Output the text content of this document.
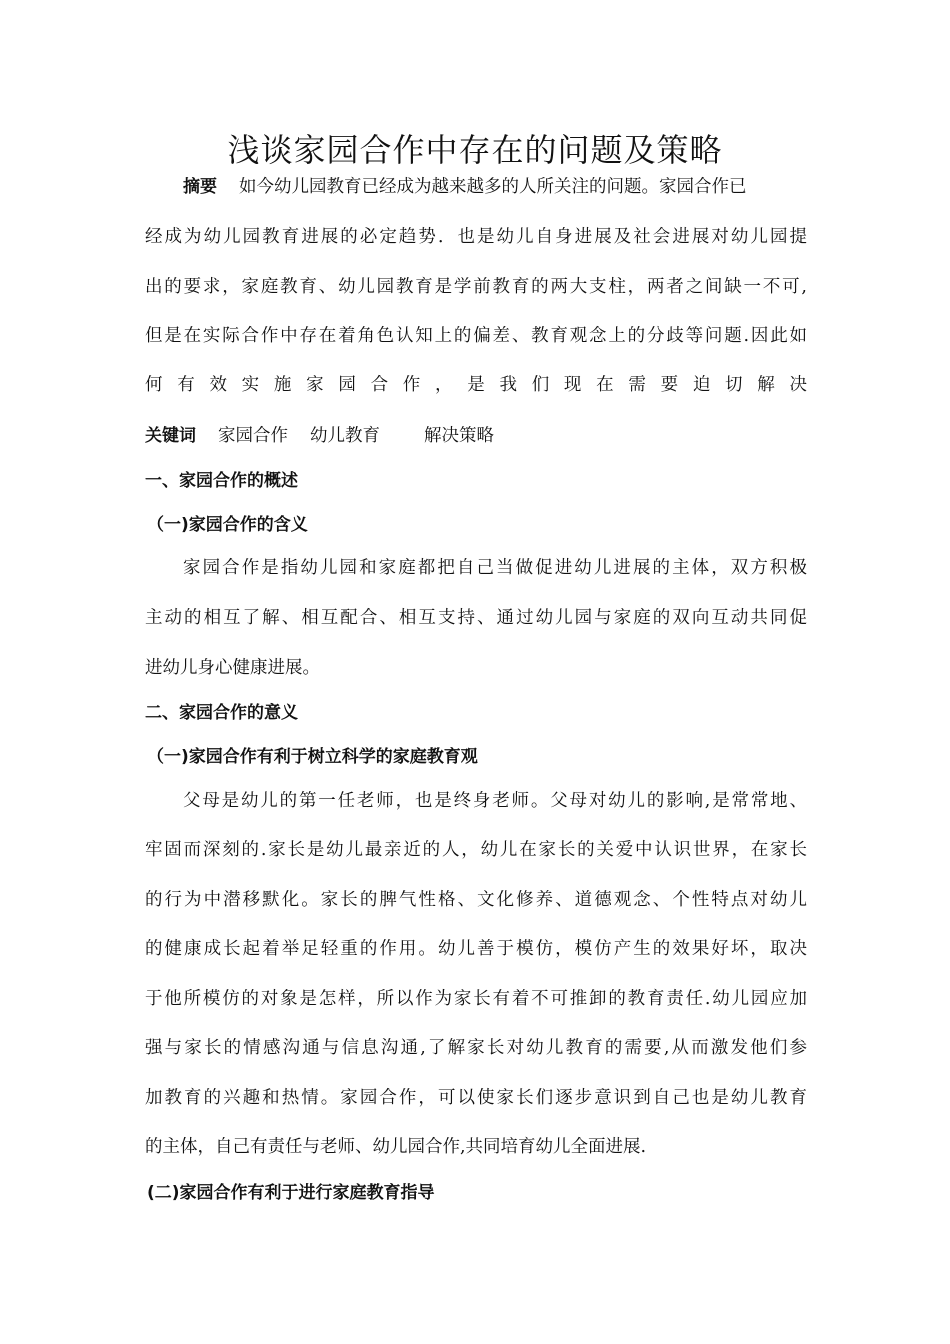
浅谈家园合作中存在的问题及策略
摘要 如今幼儿园教育已经成为越来越多的人所关注的问题。家园合作已
经成为幼儿园教育进展的必定趋势．也是幼儿自身进展及社会进展对幼儿园提
出的要求，家庭教育、幼儿园教育是学前教育的两大支柱，两者之间缺一不可,
但是在实际合作中存在着角色认知上的偏差、教育观念上的分歧等问题.因此如
何 有 效 实 施 家 园 合 作 ， 是 我 们 现 在 需 要 迫 切 解 决
关键词 家园合作 幼儿教育	解决策略
一、家园合作的概述
（一)家园合作的含义
家园合作是指幼儿园和家庭都把自己当做促进幼儿进展的主体，双方积极
主动的相互了解、相互配合、相互支持、通过幼儿园与家庭的双向互动共同促
进幼儿身心健康进展。
二、家园合作的意义
（一)家园合作有利于树立科学的家庭教育观
父母是幼儿的第一任老师，也是终身老师。父母对幼儿的影响,是常常地、
牢固而深刻的.家长是幼儿最亲近的人，幼儿在家长的关爱中认识世界，在家长
的行为中潜移默化。家长的脾气性格、文化修养、道德观念、个性特点对幼儿
的健康成长起着举足轻重的作用。幼儿善于模仿，模仿产生的效果好坏，取决
于他所模仿的对象是怎样，所以作为家长有着不可推卸的教育责任.幼儿园应加
强与家长的情感沟通与信息沟通,了解家长对幼儿教育的需要,从而激发他们参
加教育的兴趣和热情。家园合作，可以使家长们逐步意识到自己也是幼儿教育
的主体，自己有责任与老师、幼儿园合作,共同培育幼儿全面进展.
(二)家园合作有利于进行家庭教育指导
